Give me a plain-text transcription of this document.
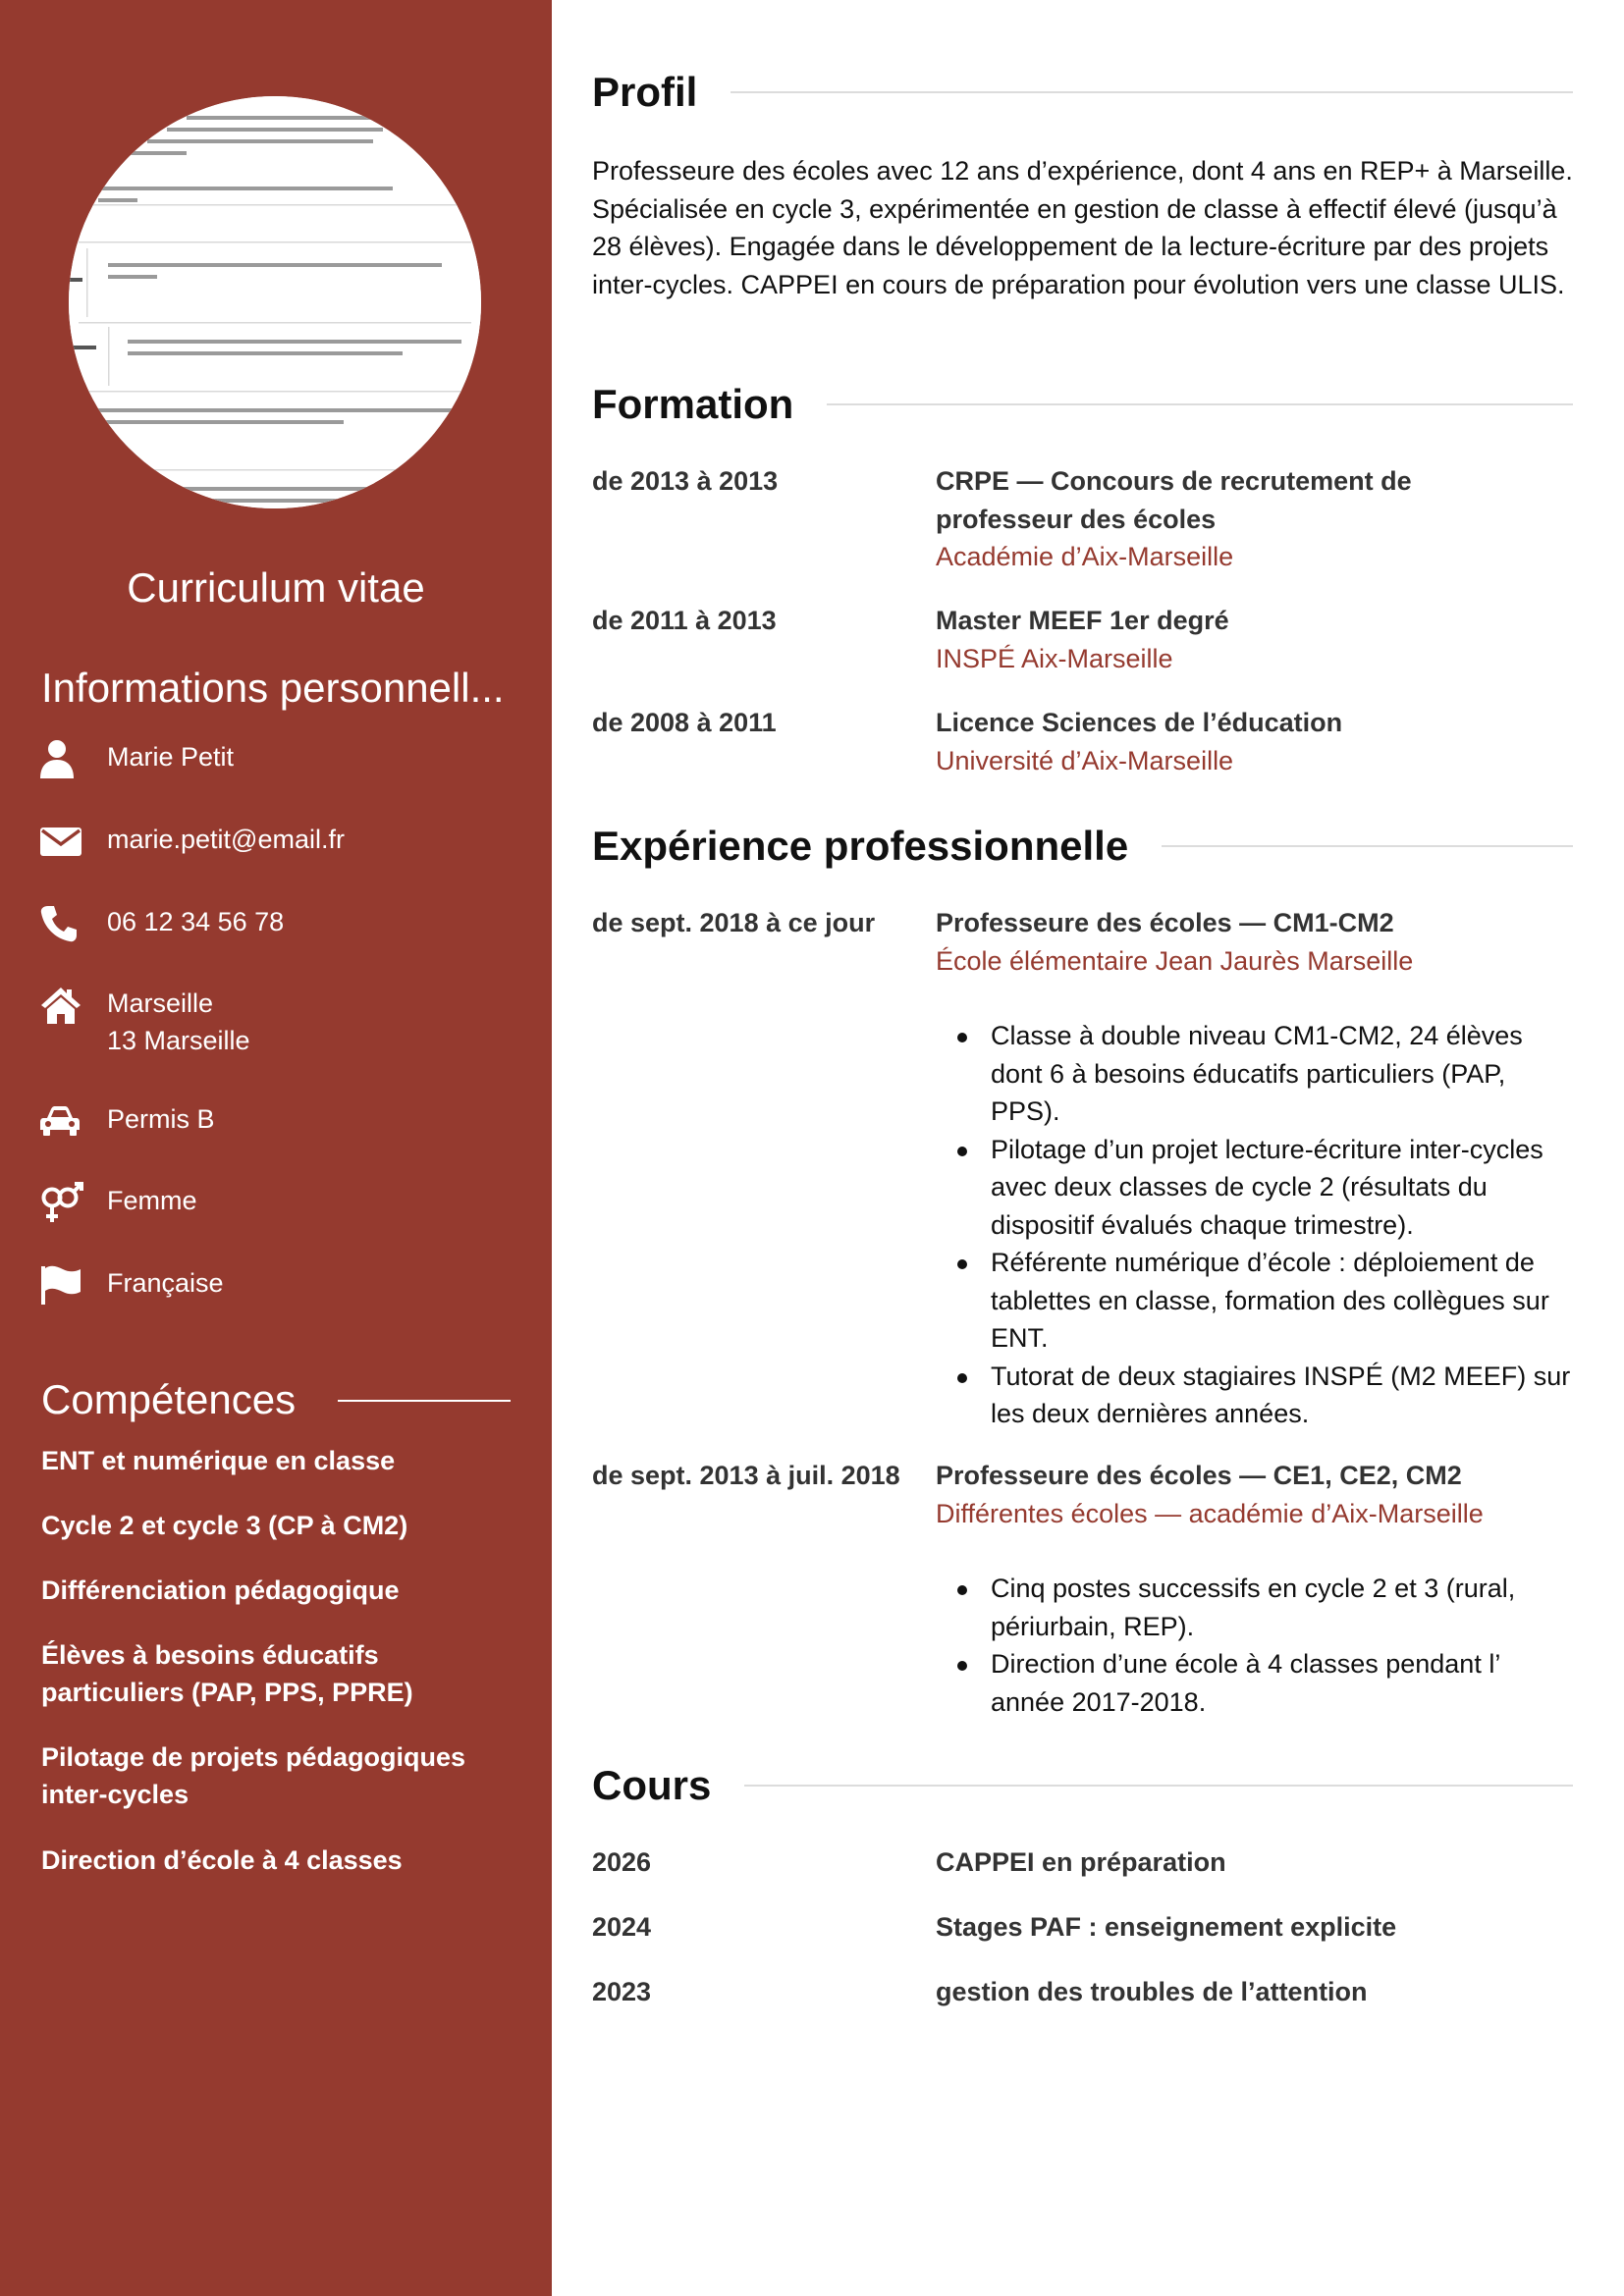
Curriculum vitae
Informations personnell...
Marie Petit
marie.petit@email.fr
06 12 34 56 78
Marseille
13 Marseille
Permis B
Femme
Française
Compétences
ENT et numérique en classe
Cycle 2 et cycle 3 (CP à CM2)
Différenciation pédagogique
Élèves à besoins éducatifs particuliers (PAP, PPS, PPRE)
Pilotage de projets pédagogiques inter-cycles
Direction d’école à 4 classes
Profil

Professeure des écoles avec 12 ans d’expérience, dont 4 ans en REP+ à Marseille. Spécialisée en cycle 3, expérimentée en gestion de classe à effectif élevé (jusqu’à 28 élèves). Engagée dans le développement de la lecture-écriture par des projets inter-cycles. CAPPEI en cours de préparation pour évolution vers une classe ULIS.

Formation
de 2013 à 2013	CRPE — Concours de recrutement de professeur des écoles
Académie d’Aix-Marseille
de 2011 à 2013	Master MEEF 1er degré
INSPÉ Aix-Marseille
de 2008 à 2011	Licence Sciences de l’éducation
Université d’Aix-Marseille
Expérience professionnelle
de sept. 2018 à ce jour	Professeure des écoles — CM1-CM2
École élémentaire Jean Jaurès Marseille
Classe à double niveau CM1-CM2, 24 élèves dont 6 à besoins éducatifs particuliers (PAP, PPS).
Pilotage d’un projet lecture-écriture inter-cycles avec deux classes de cycle 2 (résultats du dispositif évalués chaque trimestre).
Référente numérique d’école : déploiement de tablettes en classe, formation des collègues sur ENT.
Tutorat de deux stagiaires INSPÉ (M2 MEEF) sur les deux dernières années.
de sept. 2013 à juil. 2018	Professeure des écoles — CE1, CE2, CM2
Différentes écoles — académie d’Aix-Marseille
Cinq postes successifs en cycle 2 et 3 (rural, périurbain, REP).
Direction d’une école à 4 classes pendant l’ année 2017-2018.
Cours
2026	CAPPEI en préparation
2024	Stages PAF : enseignement explicite
2023	gestion des troubles de l’attention
